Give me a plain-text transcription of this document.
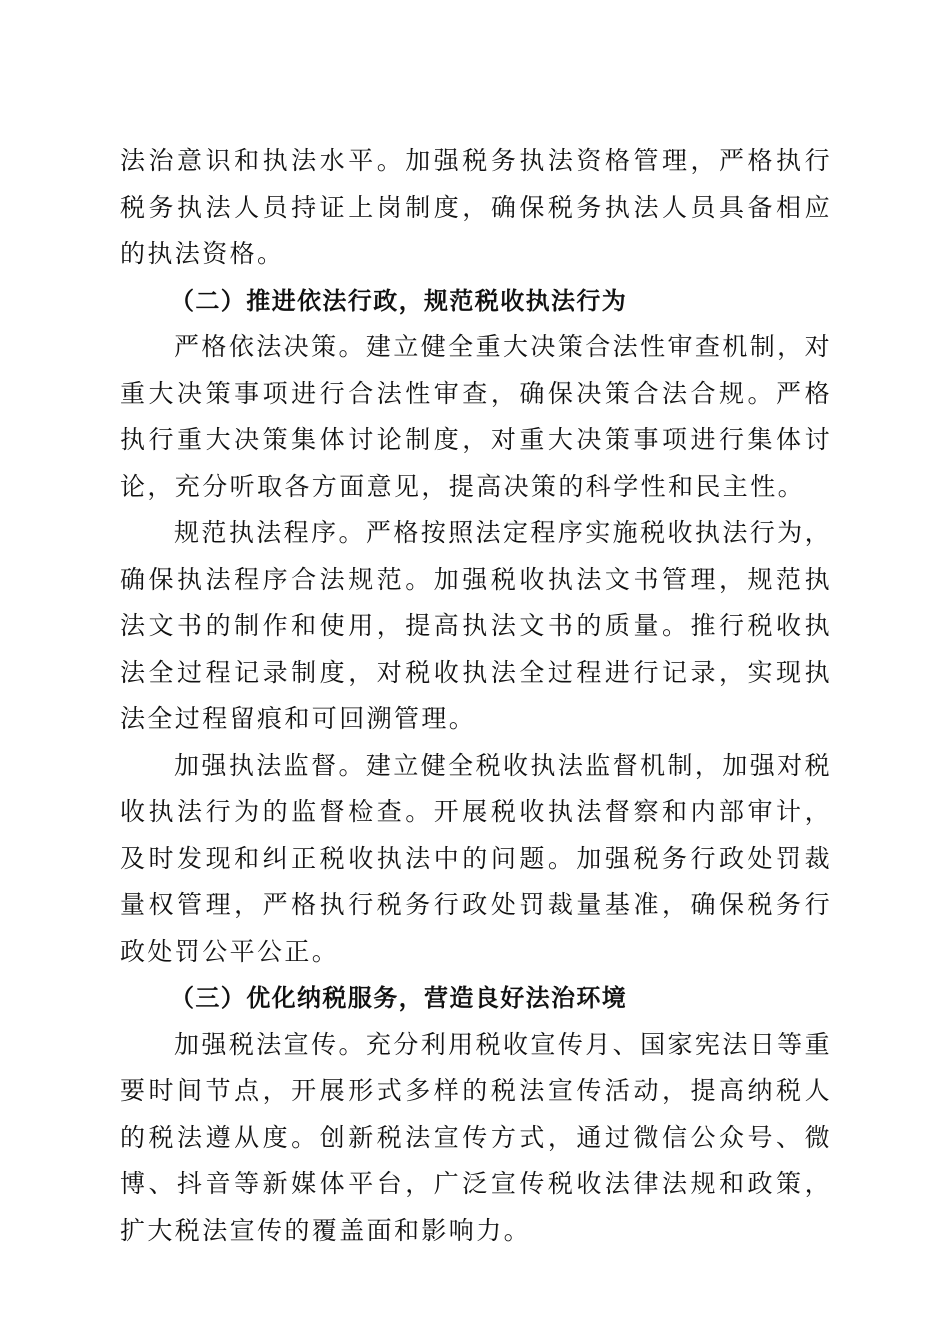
法治意识和执法水平。加强税务执法资格管理，严格执行税务执法人员持证上岗制度，确保税务执法人员具备相应的执法资格。

（二）推进依法行政，规范税收执法行为

严格依法决策。建立健全重大决策合法性审查机制，对重大决策事项进行合法性审查，确保决策合法合规。严格执行重大决策集体讨论制度，对重大决策事项进行集体讨论，充分听取各方面意见，提高决策的科学性和民主性。

规范执法程序。严格按照法定程序实施税收执法行为，确保执法程序合法规范。加强税收执法文书管理，规范执法文书的制作和使用，提高执法文书的质量。推行税收执法全过程记录制度，对税收执法全过程进行记录，实现执法全过程留痕和可回溯管理。

加强执法监督。建立健全税收执法监督机制，加强对税收执法行为的监督检查。开展税收执法督察和内部审计，及时发现和纠正税收执法中的问题。加强税务行政处罚裁量权管理，严格执行税务行政处罚裁量基准，确保税务行政处罚公平公正。

（三）优化纳税服务，营造良好法治环境

加强税法宣传。充分利用税收宣传月、国家宪法日等重要时间节点，开展形式多样的税法宣传活动，提高纳税人的税法遵从度。创新税法宣传方式，通过微信公众号、微博、抖音等新媒体平台，广泛宣传税收法律法规和政策，扩大税法宣传的覆盖面和影响力。
